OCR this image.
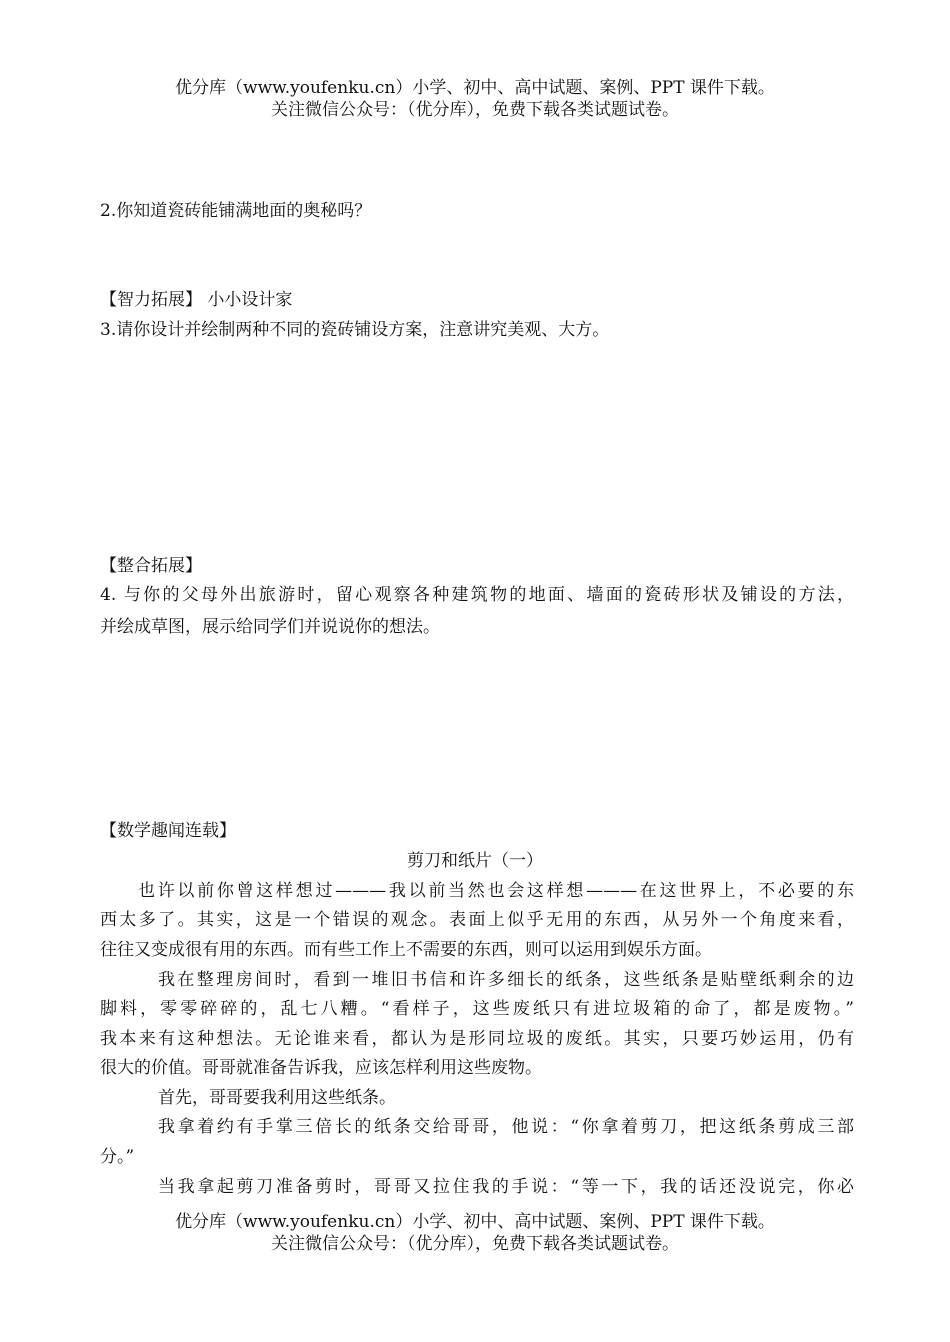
优分库（www.youfenku.cn）小学、初中、高中试题、案例、PPT 课件下载。
关注微信公众号：（优分库），免费下载各类试题试卷。
2.你知道瓷砖能铺满地面的奥秘吗？
【智力拓展】 小小设计家
3.请你设计并绘制两种不同的瓷砖铺设方案，注意讲究美观、大方。
【整合拓展】
4. 与你的父母外出旅游时，留心观察各种建筑物的地面、墙面的瓷砖形状及铺设的方法，
并绘成草图，展示给同学们并说说你的想法。
【数学趣闻连载】
剪刀和纸片（一）
也许以前你曾这样想过———我以前当然也会这样想———在这世界上，不必要的东
西太多了。其实，这是一个错误的观念。表面上似乎无用的东西，从另外一个角度来看，
往往又变成很有用的东西。而有些工作上不需要的东西，则可以运用到娱乐方面。
我在整理房间时，看到一堆旧书信和许多细长的纸条，这些纸条是贴壁纸剩余的边
脚料，零零碎碎的，乱七八糟。“看样子，这些废纸只有进垃圾箱的命了，都是废物。”
我本来有这种想法。无论谁来看，都认为是形同垃圾的废纸。其实，只要巧妙运用，仍有
很大的价值。哥哥就准备告诉我，应该怎样利用这些废物。
首先，哥哥要我利用这些纸条。
我拿着约有手掌三倍长的纸条交给哥哥，他说：“你拿着剪刀，把这纸条剪成三部
分。”
当我拿起剪刀准备剪时，哥哥又拉住我的手说：“等一下，我的话还没说完，你必
优分库（www.youfenku.cn）小学、初中、高中试题、案例、PPT 课件下载。
关注微信公众号：（优分库），免费下载各类试题试卷。
